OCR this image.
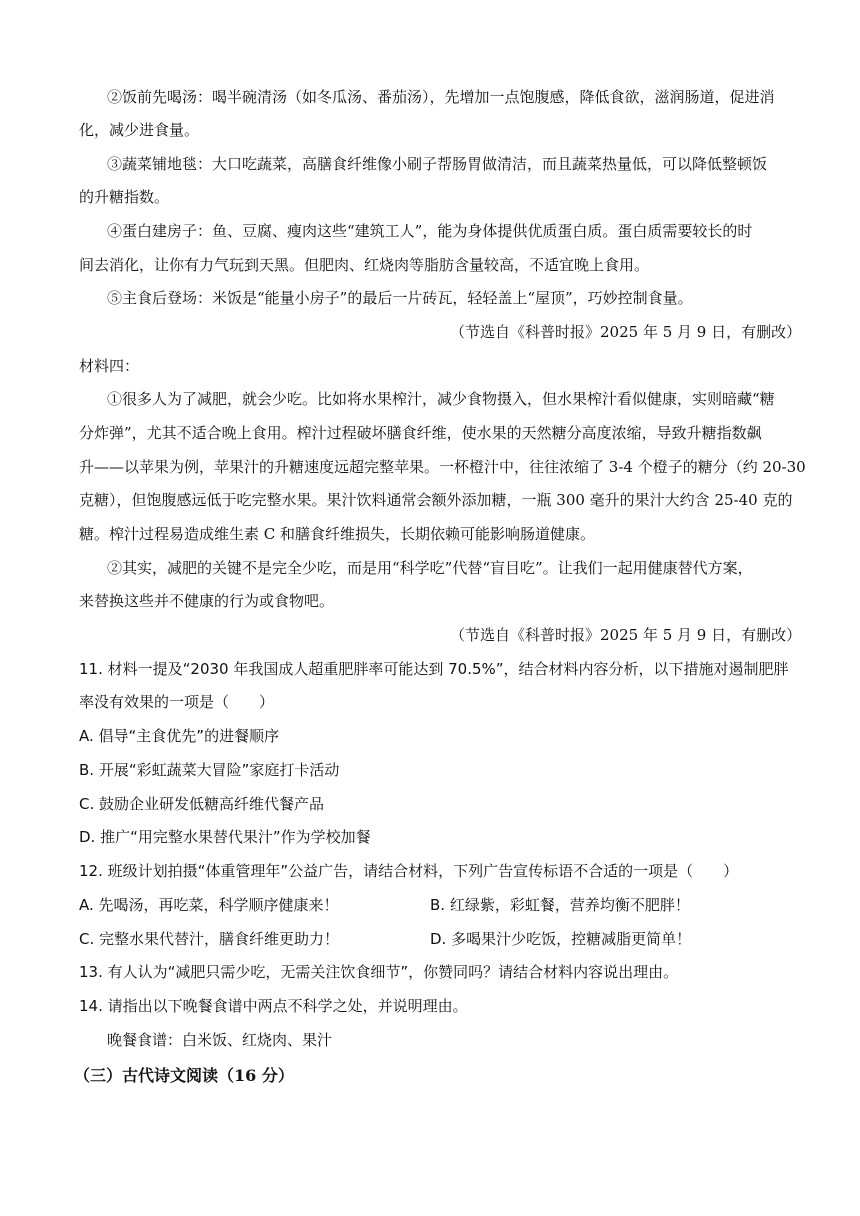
②饭前先喝汤：喝半碗清汤（如冬瓜汤、番茄汤），先增加一点饱腹感，降低食欲，滋润肠道，促进消
化，减少进食量。
③蔬菜铺地毯：大口吃蔬菜，高膳食纤维像小刷子帮肠胃做清洁，而且蔬菜热量低，可以降低整顿饭
的升糖指数。
④蛋白建房子：鱼、豆腐、瘦肉这些“建筑工人”，能为身体提供优质蛋白质。蛋白质需要较长的时
间去消化，让你有力气玩到天黑。但肥肉、红烧肉等脂肪含量较高，不适宜晚上食用。
⑤主食后登场：米饭是“能量小房子”的最后一片砖瓦，轻轻盖上“屋顶”，巧妙控制食量。
（节选自《科普时报》2025 年 5 月 9 日，有删改）
材料四：
①很多人为了减肥，就会少吃。比如将水果榨汁，减少食物摄入，但水果榨汁看似健康，实则暗藏“糖
分炸弹”，尤其不适合晚上食用。榨汁过程破坏膳食纤维，使水果的天然糖分高度浓缩，导致升糖指数飙
升——以苹果为例，苹果汁的升糖速度远超完整苹果。一杯橙汁中，往往浓缩了 3-4 个橙子的糖分（约 20-30
克糖），但饱腹感远低于吃完整水果。果汁饮料通常会额外添加糖，一瓶 300 毫升的果汁大约含 25-40 克的
糖。榨汁过程易造成维生素 C 和膳食纤维损失，长期依赖可能影响肠道健康。
②其实，减肥的关键不是完全少吃，而是用“科学吃”代替“盲目吃”。让我们一起用健康替代方案，
来替换这些并不健康的行为或食物吧。
（节选自《科普时报》2025 年 5 月 9 日，有删改）
11. 材料一提及“2030 年我国成人超重肥胖率可能达到 70.5%”，结合材料内容分析，以下措施对遏制肥胖
率没有效果的一项是（　　）
A. 倡导“主食优先”的进餐顺序
B. 开展“彩虹蔬菜大冒险”家庭打卡活动
C. 鼓励企业研发低糖高纤维代餐产品
D. 推广“用完整水果替代果汁”作为学校加餐
12. 班级计划拍摄“体重管理年”公益广告，请结合材料，下列广告宣传标语不合适的一项是（　　）
A. 先喝汤，再吃菜，科学顺序健康来！	B. 红绿紫，彩虹餐，营养均衡不肥胖！
C. 完整水果代替汁，膳食纤维更助力！	D. 多喝果汁少吃饭，控糖减脂更简单！
13. 有人认为“减肥只需少吃，无需关注饮食细节”，你赞同吗？请结合材料内容说出理由。
14. 请指出以下晚餐食谱中两点不科学之处，并说明理由。
晚餐食谱：白米饭、红烧肉、果汁
（三）古代诗文阅读（16 分）
